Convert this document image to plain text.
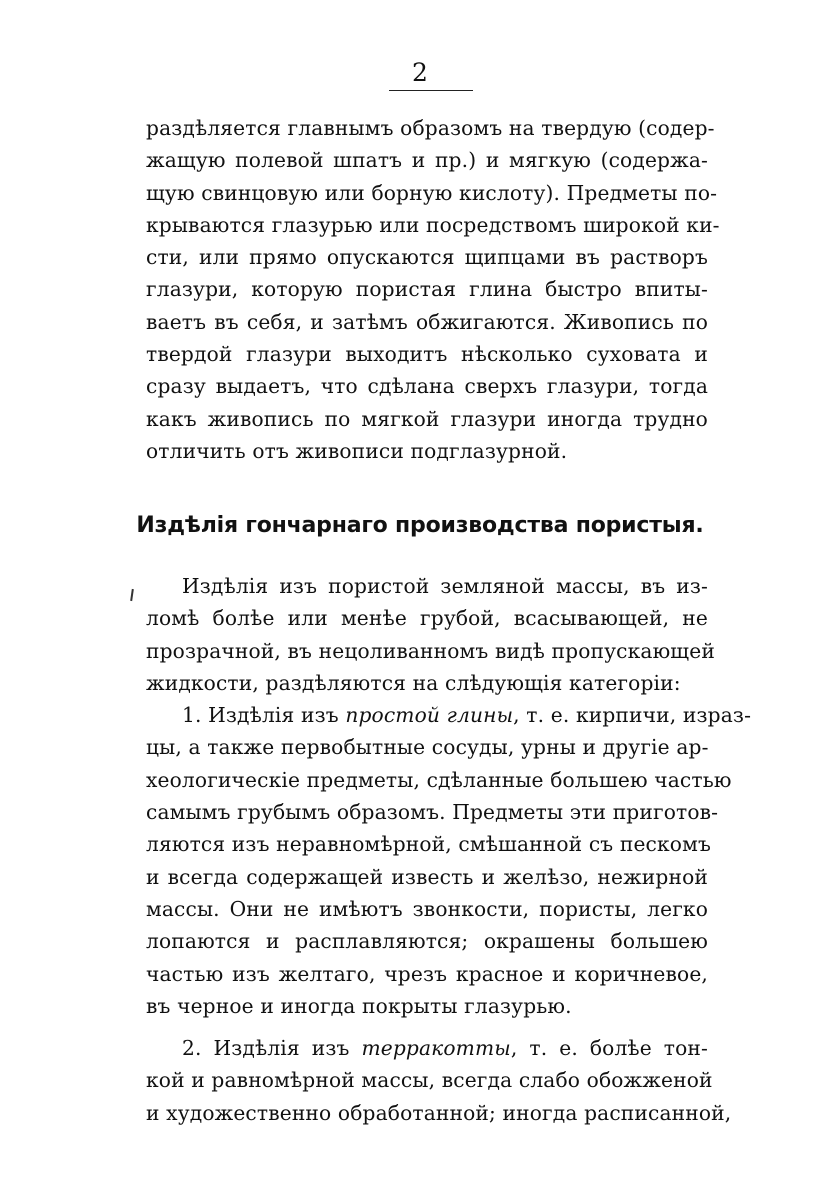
2
раздѣляется главнымъ образомъ на твердую (содер-
жащую полевой шпатъ и пр.) и мягкую (содержа-
щую свинцовую или борную кислоту). Предметы по-
крываются глазурью или посредствомъ широкой ки-
сти, или прямо опускаются щипцами въ растворъ
глазури, которую пористая глина быстро впиты-
ваетъ въ себя, и затѣмъ обжигаются. Живопись по
твердой глазури выходитъ нѣсколько суховата и
сразу выдаетъ, что сдѣлана сверхъ глазури, тогда
какъ живопись по мягкой глазури иногда трудно
отличить отъ живописи подглазурной.
Издѣлія гончарнаго производства пористыя.
Издѣлія изъ пористой земляной массы, въ из-
ломѣ болѣе или менѣе грубой, всасывающей, не
прозрачной, въ нецоливанномъ видѣ пропускающей
жидкости, раздѣляются на слѣдующія категоріи:
1. Издѣлія изъ простой глины, т. е. кирпичи, израз-
цы, а также первобытные сосуды, урны и другіе ар-
хеологическіе предметы, сдѣланные большею частью
самымъ грубымъ образомъ. Предметы эти приготов-
ляются изъ неравномѣрной, смѣшанной съ пескомъ
и всегда содержащей известь и желѣзо, нежирной
массы. Они не имѣютъ звонкости, пористы, легко
лопаются и расплавляются; окрашены большею
частью изъ желтаго, чрезъ красное и коричневое,
въ черное и иногда покрыты глазурью.
2. Издѣлія изъ терракотты, т. е. болѣе тон-
кой и равномѣрной массы, всегда слабо обожженой
и художественно обработанной; иногда расписанной,
